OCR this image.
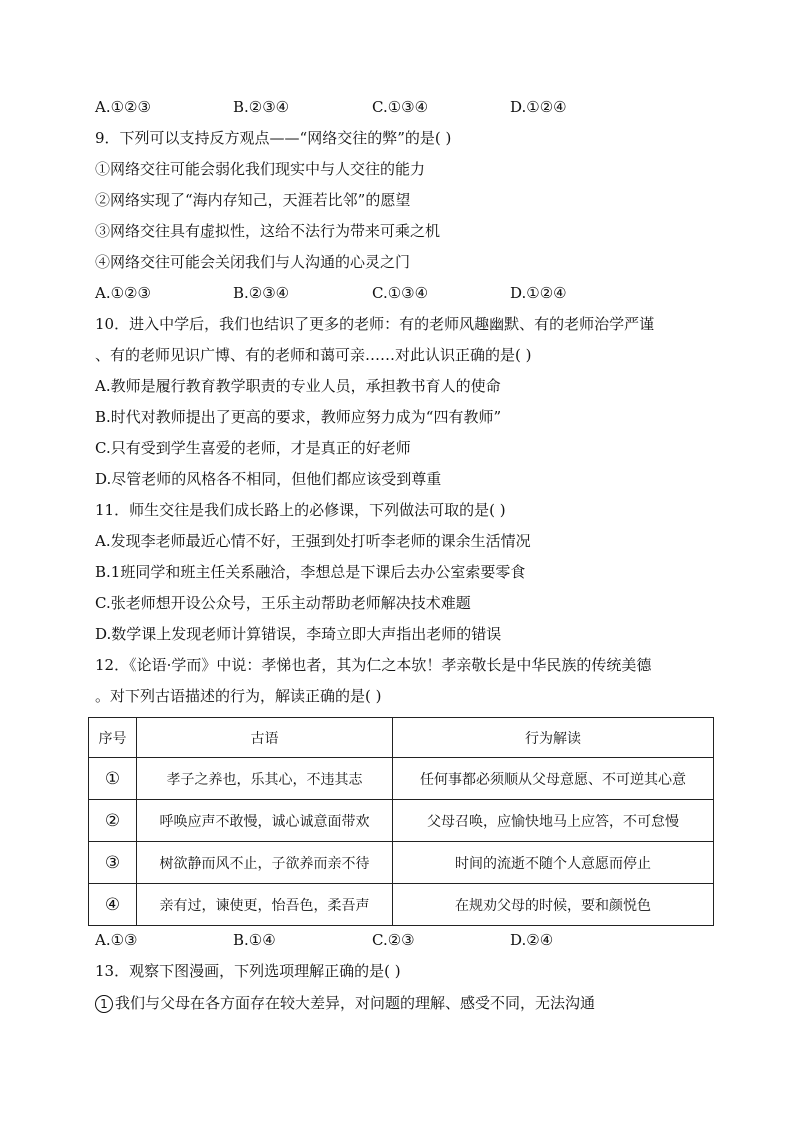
A.①②③	B.②③④	C.①③④	D.①②④
9．下列可以支持反方观点——“网络交往的弊”的是( )
①网络交往可能会弱化我们现实中与人交往的能力
②网络实现了“海内存知己，天涯若比邻”的愿望
③网络交往具有虚拟性，这给不法行为带来可乘之机
④网络交往可能会关闭我们与人沟通的心灵之门
A.①②③	B.②③④	C.①③④	D.①②④
10．进入中学后，我们也结识了更多的老师：有的老师风趣幽默、有的老师治学严谨
、有的老师见识广博、有的老师和蔼可亲……对此认识正确的是( )
A.教师是履行教育教学职责的专业人员，承担教书育人的使命
B.时代对教师提出了更高的要求，教师应努力成为“四有教师”
C.只有受到学生喜爱的老师，才是真正的好老师
D.尽管老师的风格各不相同，但他们都应该受到尊重
11．师生交往是我们成长路上的必修课，下列做法可取的是( )
A.发现李老师最近心情不好，王强到处打听李老师的课余生活情况
B.1班同学和班主任关系融洽，李想总是下课后去办公室索要零食
C.张老师想开设公众号，王乐主动帮助老师解决技术难题
D.数学课上发现老师计算错误，李琦立即大声指出老师的错误
12．《论语·学而》中说：孝悌也者，其为仁之本欤！孝亲敬长是中华民族的传统美德
。对下列古语描述的行为，解读正确的是( )
序号	古语	行为解读
①	孝子之养也，乐其心，不违其志	任何事都必须顺从父母意愿、不可逆其心意
②	呼唤应声不敢慢，诚心诚意面带欢	父母召唤，应愉快地马上应答，不可怠慢
③	树欲静而风不止，子欲养而亲不待	时间的流逝不随个人意愿而停止
④	亲有过，谏使更，怡吾色，柔吾声	在规劝父母的时候，要和颜悦色
A.①③	B.①④	C.②③	D.②④
13．观察下图漫画，下列选项理解正确的是( )
1 我们与父母在各方面存在较大差异，对问题的理解、感受不同，无法沟通
